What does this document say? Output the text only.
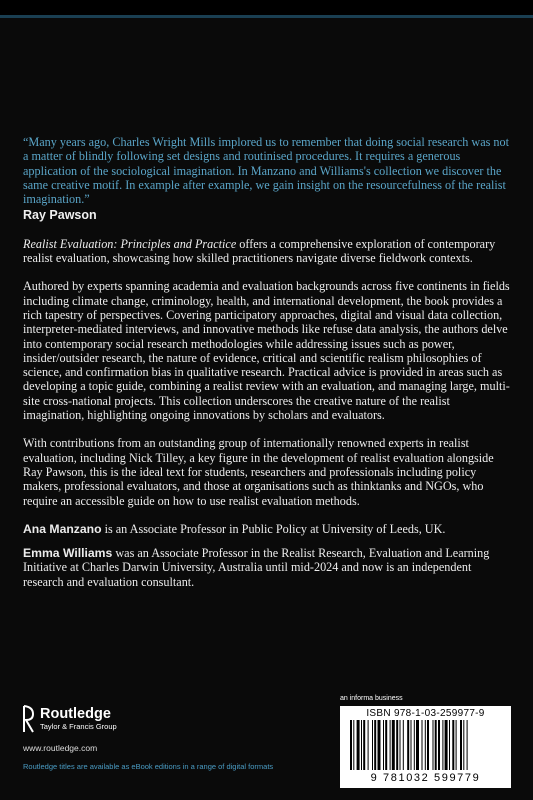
“Many years ago, Charles Wright Mills implored us to remember that doing social research was not a matter of blindly following set designs and routinised procedures. It requires a generous application of the sociological imagination. In Manzano and Williams's collection we discover the same creative motif. In example after example, we gain insight on the resourcefulness of the realist imagination.”

Ray Pawson

Realist Evaluation: Principles and Practice offers a comprehensive exploration of contemporary realist evaluation, showcasing how skilled practitioners navigate diverse fieldwork contexts.

Authored by experts spanning academia and evaluation backgrounds across five continents in fields including climate change, criminology, health, and international development, the book provides a rich tapestry of perspectives. Covering participatory approaches, digital and visual data collection, interpreter-mediated interviews, and innovative methods like refuse data analysis, the authors delve into contemporary social research methodologies while addressing issues such as power, insider/outsider research, the nature of evidence, critical and scientific realism philosophies of science, and confirmation bias in qualitative research. Practical advice is provided in areas such as developing a topic guide, combining a realist review with an evaluation, and managing large, multi-site cross-national projects. This collection underscores the creative nature of the realist imagination, highlighting ongoing innovations by scholars and evaluators.

With contributions from an outstanding group of internationally renowned experts in realist evaluation, including Nick Tilley, a key figure in the development of realist evaluation alongside Ray Pawson, this is the ideal text for students, researchers and professionals including policy makers, professional evaluators, and those at organisations such as thinktanks and NGOs, who require an accessible guide on how to use realist evaluation methods.

Ana Manzano is an Associate Professor in Public Policy at University of Leeds, UK.

Emma Williams was an Associate Professor in the Realist Research, Evaluation and Learning Initiative at Charles Darwin University, Australia until mid-2024 and now is an independent research and evaluation consultant.

Routledge
Taylor & Francis Group
www.routledge.com
Routledge titles are available as eBook editions in a range of digital formats
an informa business
ISBN 978-1-03-259977-9
9 781032 599779
